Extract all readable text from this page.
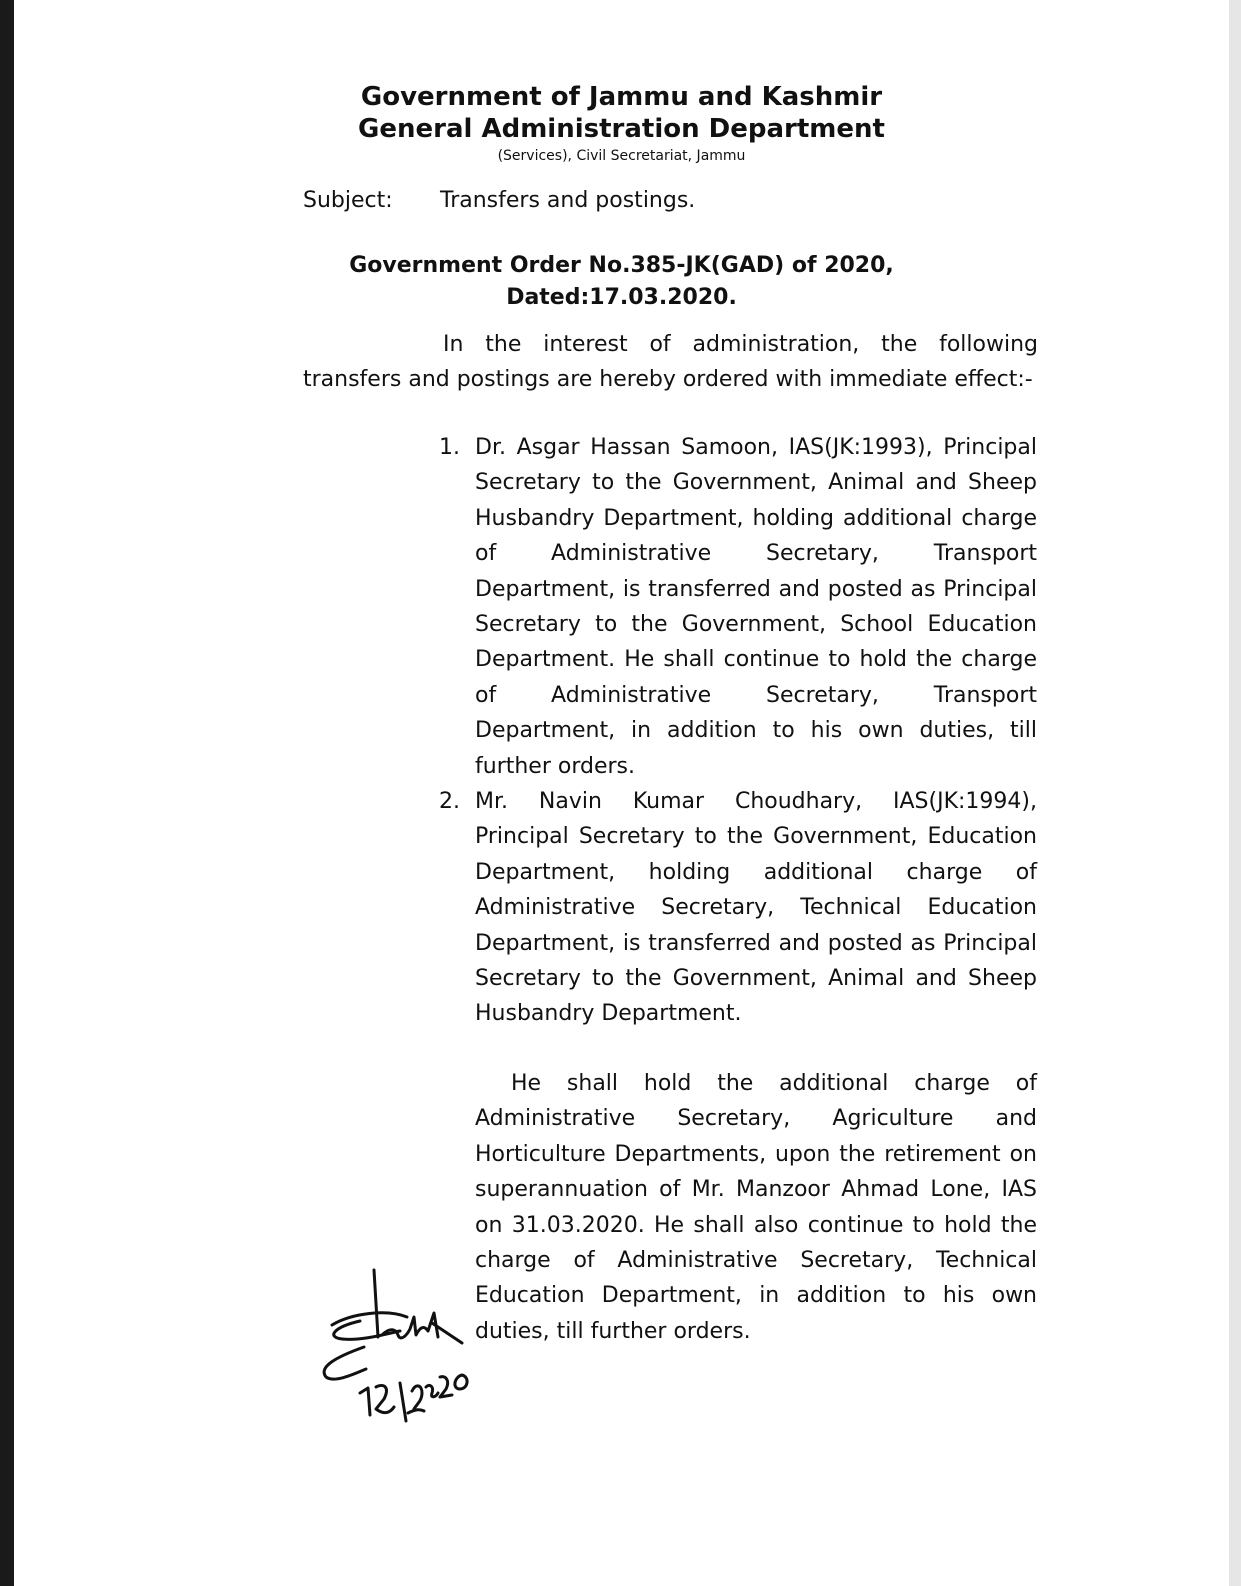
Government of Jammu and Kashmir
General Administration Department
(Services), Civil Secretariat, Jammu
Subject: Transfers and postings.
Government Order No.385-JK(GAD) of 2020,
Dated:17.03.2020.
In the interest of administration, the following transfers and postings are hereby ordered with immediate effect:-
1. Dr. Asgar Hassan Samoon, IAS(JK:1993), Principal Secretary to the Government, Animal and Sheep Husbandry Department, holding additional charge of Administrative Secretary, Transport Department, is transferred and posted as Principal Secretary to the Government, School Education Department. He shall continue to hold the charge of Administrative Secretary, Transport Department, in addition to his own duties, till further orders.
2. Mr. Navin Kumar Choudhary, IAS(JK:1994), Principal Secretary to the Government, Education Department, holding additional charge of Administrative Secretary, Technical Education Department, is transferred and posted as Principal Secretary to the Government, Animal and Sheep Husbandry Department.
He shall hold the additional charge of Administrative Secretary, Agriculture and Horticulture Departments, upon the retirement on superannuation of Mr. Manzoor Ahmad Lone, IAS on 31.03.2020. He shall also continue to hold the charge of Administrative Secretary, Technical Education Department, in addition to his own duties, till further orders.
